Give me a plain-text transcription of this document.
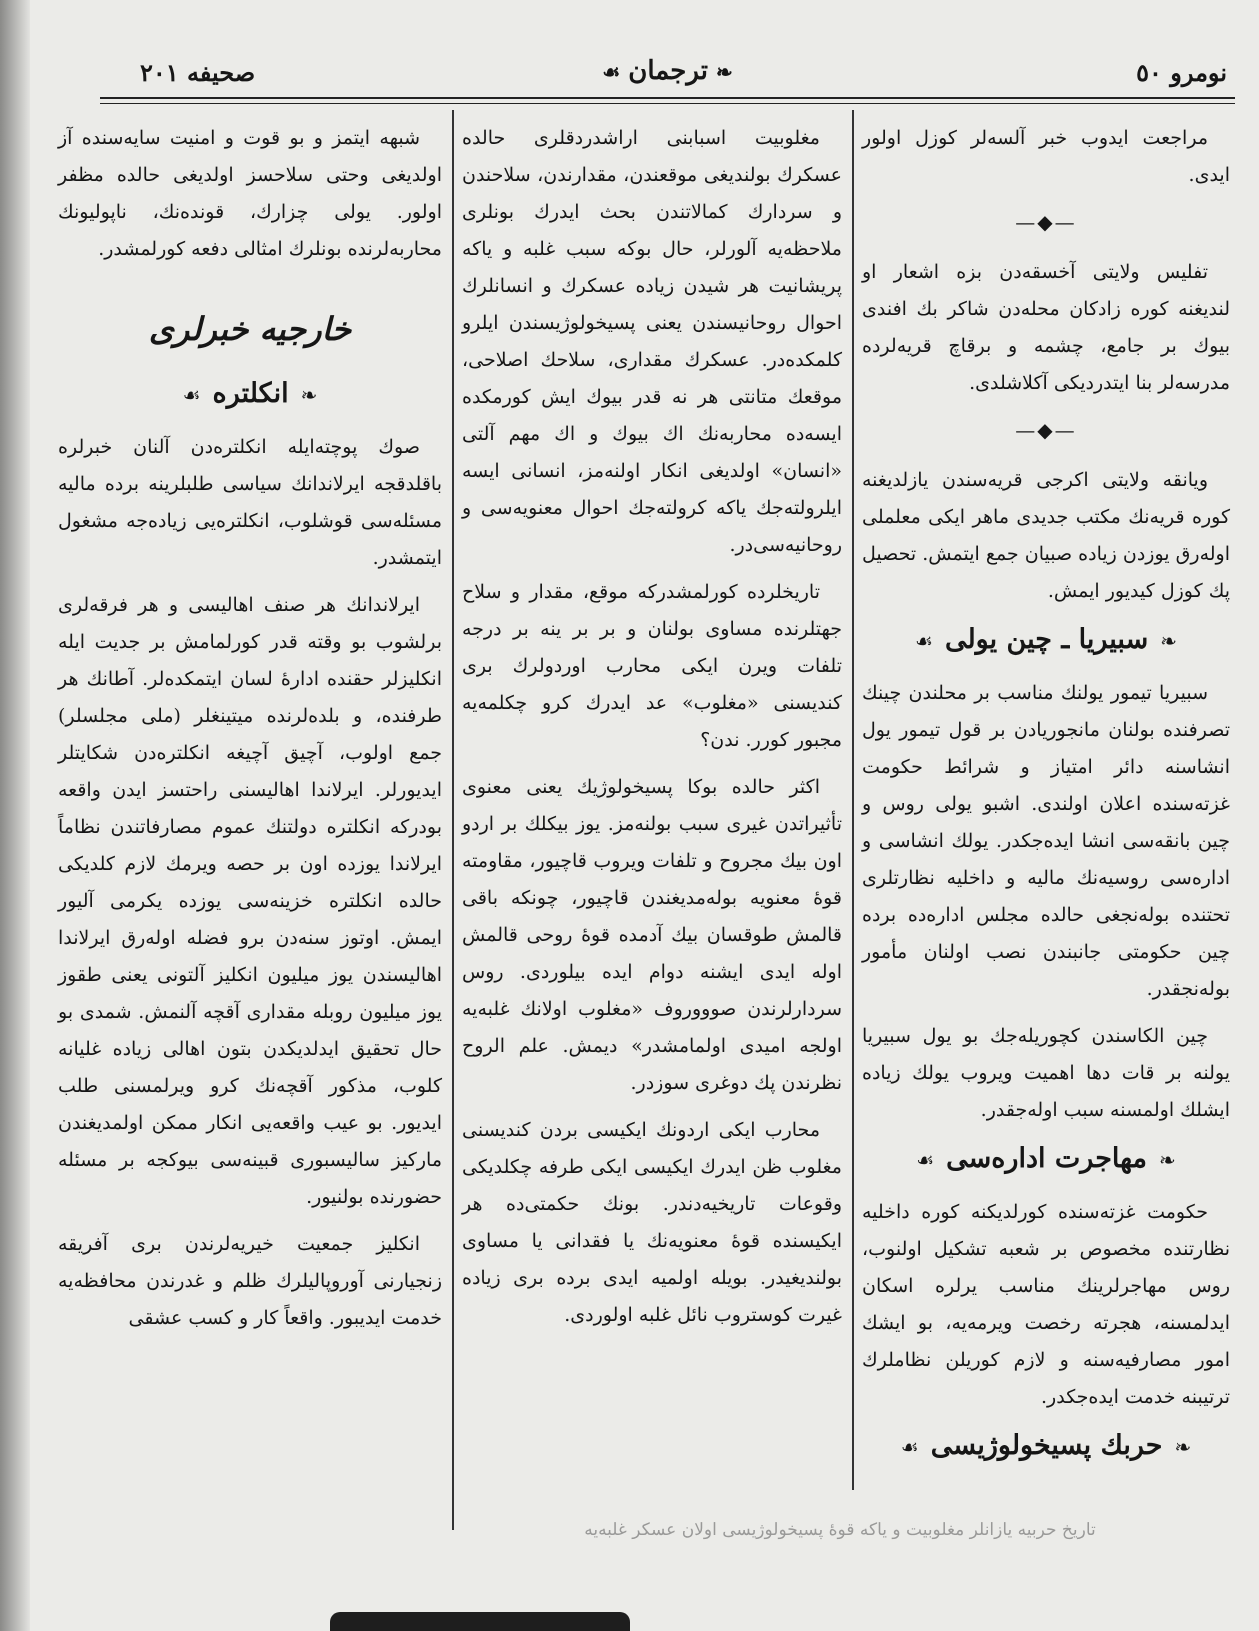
نومرو ٥٠
❧ترجمان☙
صحيفه ٢٠١

مراجعت ايدوب خبر آلسه‌لر كوزل اولور ايدى.

—◆—

تفليس ولايتى آخسقه‌دن بزه اشعار او لنديغنه كوره زادكان محله‌دن شاكر بك افندى بيوك بر جامع، چشمه و برقاچ قريه‌لرده مدرسه‌لر بنا ايتدرديكى آكلاشلدى.

—◆—

ويانقه ولايتى اكرجى قريه‌سندن يازلديغنه كوره قريه‌نك مكتب جديدى ماهر ايكى معلملى اوله‌رق يوزدن زياده صبيان جمع ايتمش. تحصيل پك كوزل كيديور ايمش.

❧سبيريا ـ چين يولى☙

سبيريا تيمور يولنك مناسب بر محلندن چينك تصرفنده بولنان مانجوريادن بر قول تيمور يول انشاسنه دائر امتياز و شرائط حكومت غزته‌سنده اعلان اولندى. اشبو يولى روس و چين بانقه‌سى انشا ايده‌جكدر. يولك انشاسى و اداره‌سى روسيه‌نك ماليه و داخليه نظارتلرى تحتنده بوله‌نجغى حالده مجلس اداره‌ده برده چين حكومتى جانبندن نصب اولنان مأمور بوله‌نجقدر.

چين الكاسندن كچوريله‌جك بو يول سبيريا يولنه بر قات دها اهميت ويروب يولك زياده ايشلك اولمسنه سبب اوله‌جقدر.

❧مهاجرت اداره‌سى☙

حكومت غزته‌سنده كورلديكنه كوره داخليه نظارتنده مخصوص بر شعبه تشكيل اولنوب، روس مهاجرلرينك مناسب يرلره اسكان ايدلمسنه، هجرته رخصت ويرمه‌يه، بو ايشك امور مصارفيه‌سنه و لازم كوريلن نظاملرك ترتيبنه خدمت ايده‌جكدر.

❧حربك پسيخولوژيسى☙

مغلوبيت اسبابنى اراشدردقلرى حالده عسكرك بولنديغى موقعندن، مقدارندن، سلاحندن و سردارك كمالاتندن بحث ايدرك بونلرى ملاحظه‌يه آلورلر، حال بوكه سبب غلبه و ياكه پريشانيت هر شيدن زياده عسكرك و انسانلرك احوال روحانيسندن يعنى پسيخولوژيسندن ايلرو كلمكده‌در. عسكرك مقدارى، سلاحك اصلاحى، موقعك متانتى هر نه قدر بيوك ايش كورمكده ايسه‌ده محاربه‌نك اك بيوك و اك مهم آلتى «انسان» اولديغى انكار اولنه‌مز، انسانى ايسه ايلرولته‌جك ياكه كرولته‌جك احوال معنويه‌سى و روحانيه‌سى‌در.

تاريخلرده كورلمشدركه موقع، مقدار و سلاح جهتلرنده مساوى بولنان و بر بر ينه بر درجه تلفات ويرن ايكى محارب اوردولرك برى كنديسنى «مغلوب» عد ايدرك كرو چكلمه‌يه مجبور كورر. ندن؟

اكثر حالده بوكا پسيخولوژيك يعنى معنوى تأثيراتدن غيرى سبب بولنه‌مز. يوز بيكلك بر اردو اون بيك مجروح و تلفات ويروب قاچيور، مقاومته قوهٔ معنويه بوله‌مديغندن قاچيور، چونكه باقى قالمش طوقسان بيك آدمده قوهٔ روحى قالمش اوله ايدى ايشنه دوام ايده بيلوردى. روس سردارلرندن صوووروف «مغلوب اولانك غلبه‌يه اولجه اميدى اولمامشدر» ديمش. علم الروح نظرندن پك دوغرى سوزدر.

محارب ايكى اردونك ايكيسى بردن كنديسنى مغلوب ظن ايدرك ايكيسى ايكى طرفه چكلديكى وقوعات تاريخيه‌دندر. بونك حكمتى‌ده هر ايكيسنده قوهٔ معنويه‌نك يا فقدانى يا مساوى بولنديغيدر. بويله اولميه ايدى برده برى زياده غيرت كوستروب نائل غلبه اولوردى.

شبهه ايتمز و بو قوت و امنيت سايه‌سنده آز اولديغى وحتى سلاحسز اولديغى حالده مظفر اولور. يولى چزارك، قونده‌نك، ناپوليونك محاربه‌لرنده بونلرك امثالى دفعه كورلمشدر.

خارجيه خبرلرى
❧انكلتره☙

صوك پوچته‌ايله انكلتره‌دن آلنان خبرلره باقلدقجه ايرلاندانك سياسى طلبلرينه برده ماليه مسئله‌سى قوشلوب، انكلتره‌يى زياده‌جه مشغول ايتمشدر.

ايرلاندانك هر صنف اهاليسى و هر فرقه‌لرى برلشوب بو وقته قدر كورلمامش بر جديت ايله انكليزلر حقنده ادارهٔ لسان ايتمكده‌لر. آطانك هر طرفنده، و بلده‌لرنده ميتينغلر (ملى مجلسلر) جمع اولوب، آچيق آچيغه انكلتره‌دن شكايتلر ايديورلر. ايرلاندا اهاليسنى راحتسز ايدن واقعه بودركه انكلتره دولتنك عموم مصارفاتندن نظاماً ايرلاندا يوزده اون بر حصه ويرمك لازم كلديكى حالده انكلتره خزينه‌سى يوزده يكرمى آليور ايمش. اوتوز سنه‌دن برو فضله اوله‌رق ايرلاندا اهاليسندن يوز ميليون انكليز آلتونى يعنى طقوز يوز ميليون روبله مقدارى آقچه آلنمش. شمدى بو حال تحقيق ايدلديكدن بتون اهالى زياده غليانه كلوب، مذكور آقچه‌نك كرو ويرلمسنى طلب ايديور. بو عيب واقعه‌يى انكار ممكن اولمديغندن ماركيز ساليسبورى قبينه‌سى بيوكجه بر مسئله حضورنده بولنيور.

انكليز جمعيت خيريه‌لرندن برى آفريقه زنجيارنى آوروپاليلرك ظلم و غدرندن محافظه‌يه خدمت ايديبور. واقعاً كار و كسب عشقى

تاريخ حربيه يازانلر مغلوبيت و ياكه قوهٔ پسيخولوژيسى اولان عسكر غلبه‌يه
